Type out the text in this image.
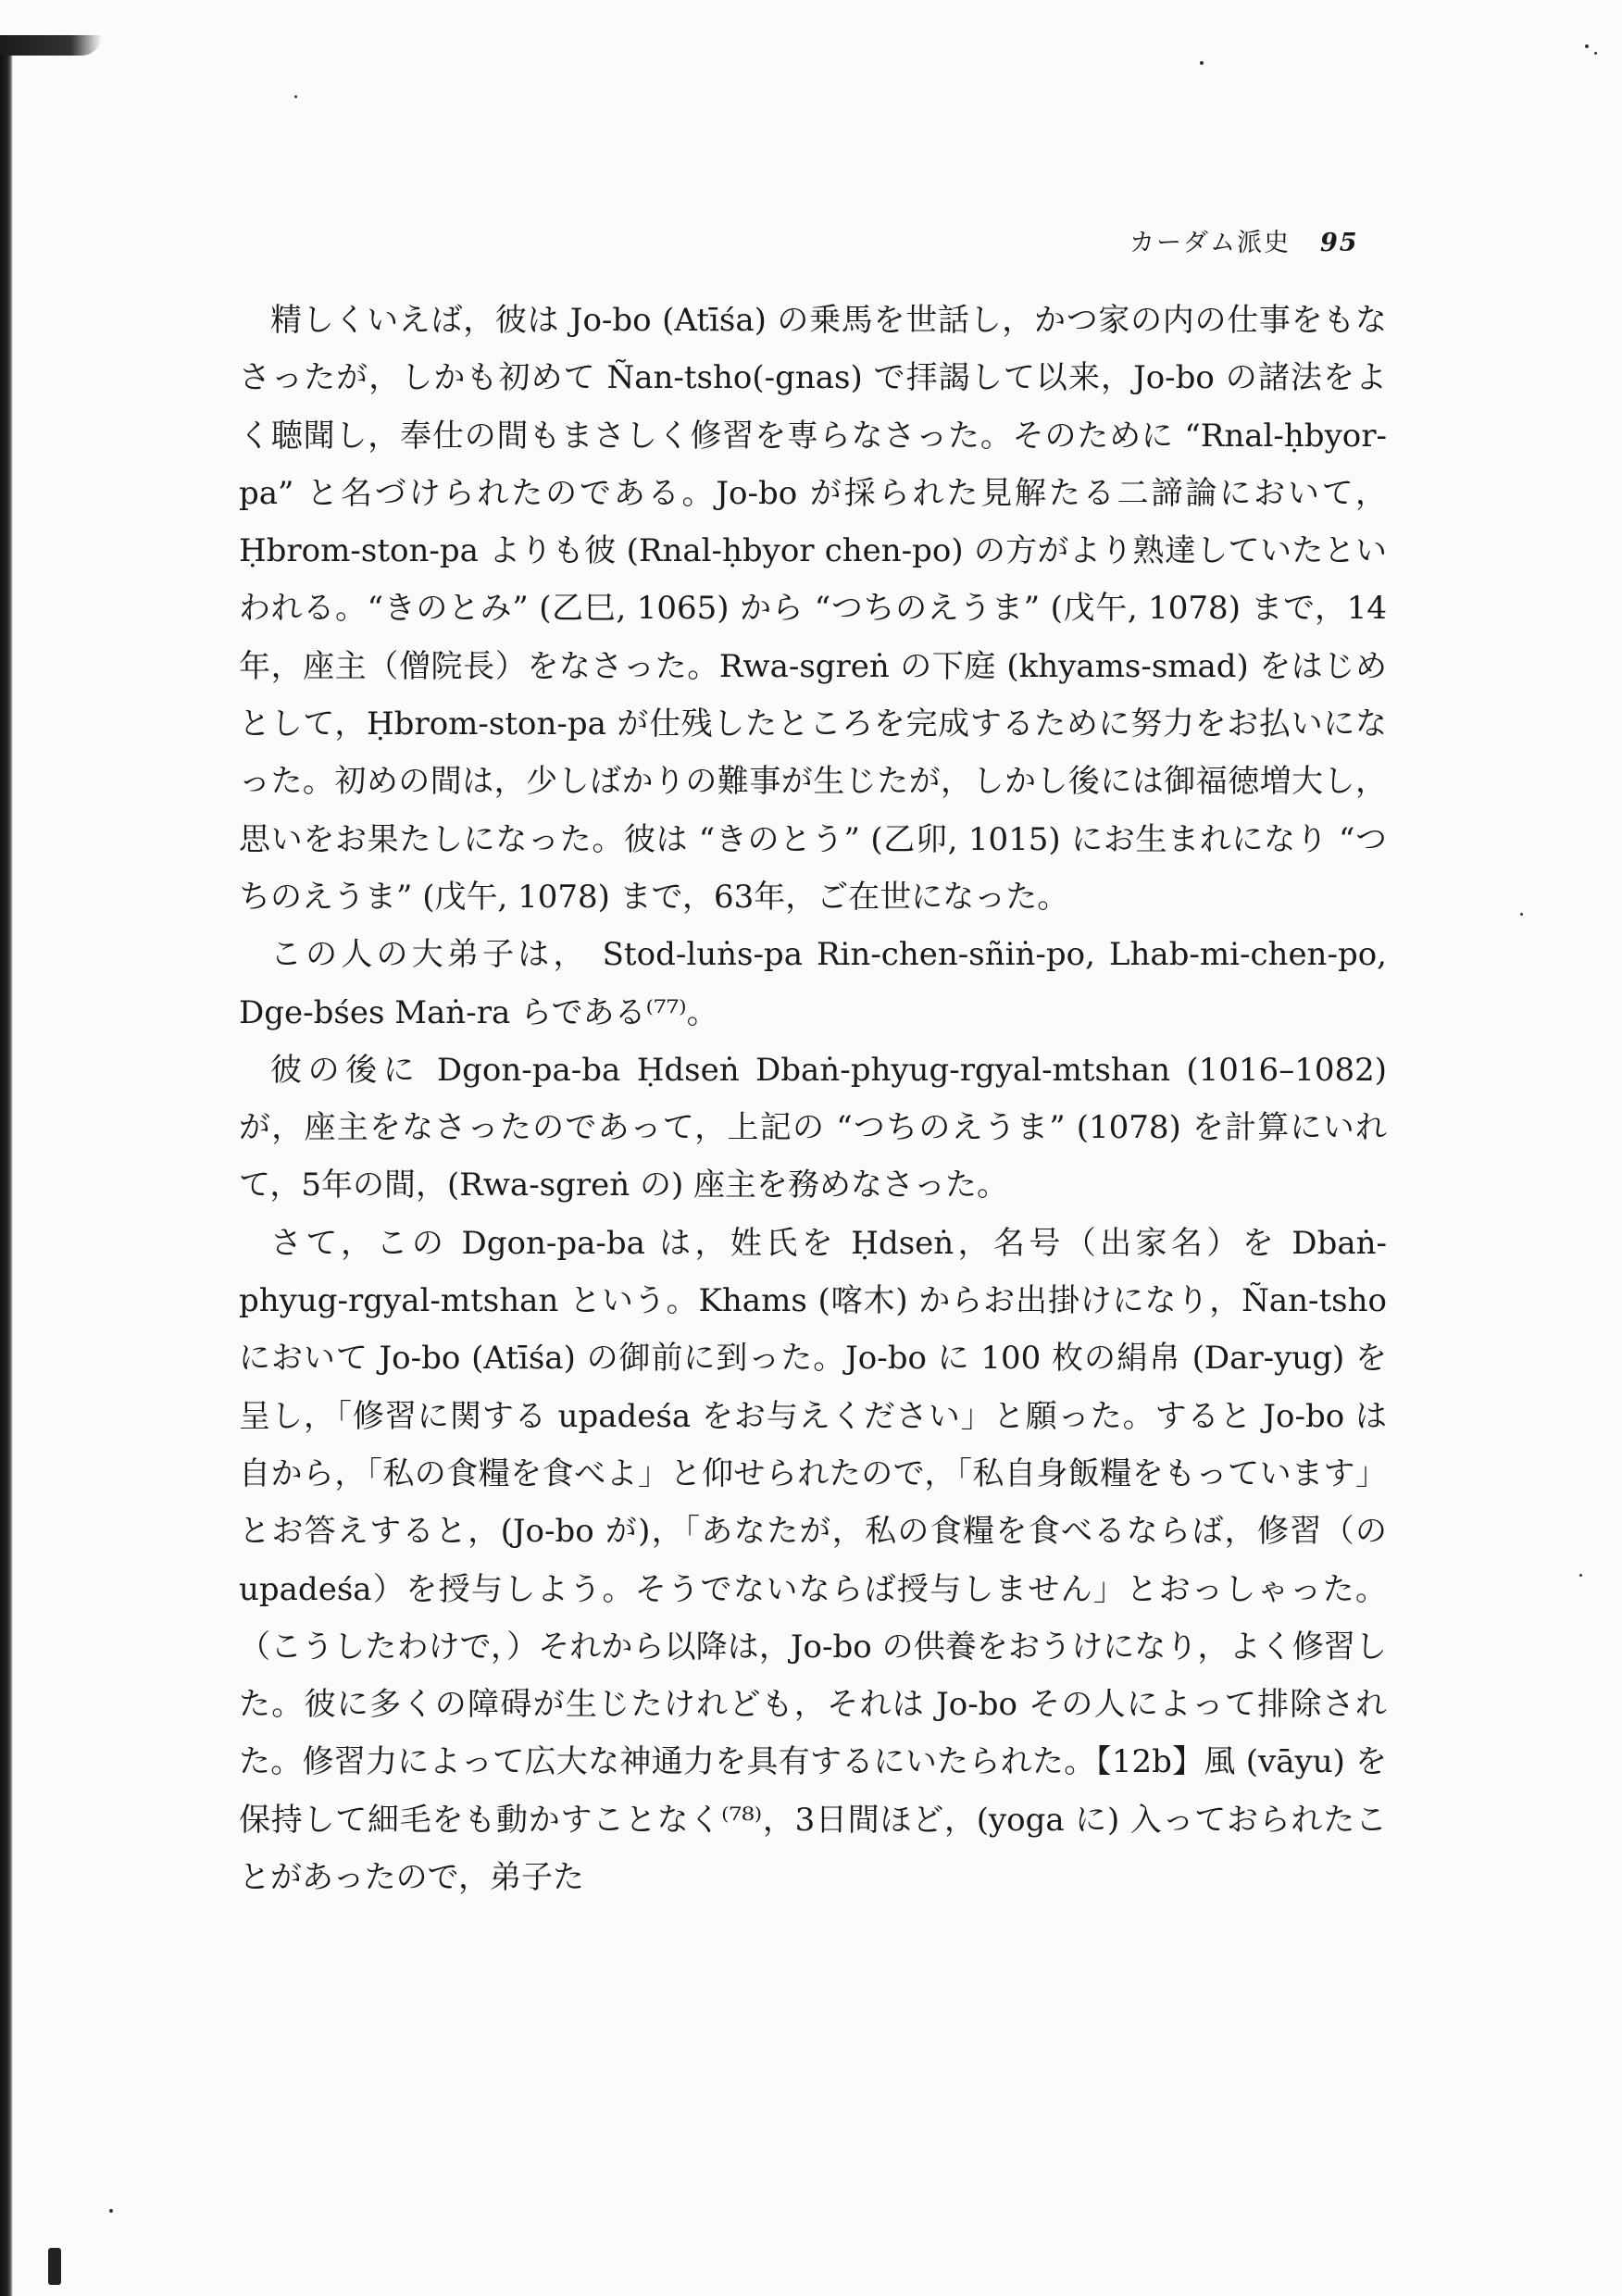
カーダム派史 95

精しくいえば，彼は Jo-bo (Atīśa) の乗馬を世話し，かつ家の内の仕事をもなさったが，しかも初めて Ñan-tsho(-gnas) で拝謁して以来，Jo-bo の諸法をよく聴聞し，奉仕の間もまさしく修習を専らなさった。そのために “Rnal-ḥbyor-pa” と名づけられたのである。Jo-bo が採られた見解たる二諦論において，Ḥbrom-ston-pa よりも彼 (Rnal-ḥbyor chen-po) の方がより熟達していたといわれる。“きのとみ” (乙巳, 1065) から “つちのえうま” (戊午, 1078) まで，14年，座主（僧院長）をなさった。Rwa-sgreṅ の下庭 (khyams-smad) をはじめとして，Ḥbrom-ston-pa が仕残したところを完成するために努力をお払いになった。初めの間は，少しばかりの難事が生じたが，しかし後には御福徳増大し，思いをお果たしになった。彼は “きのとう” (乙卯, 1015) にお生まれになり “つちのえうま” (戊午, 1078) まで，63年，ご在世になった。

この人の大弟子は， Stod-luṅs-pa Rin-chen-sñiṅ-po, Lhab-mi-chen-po, Dge-bśes Maṅ-ra らである⁽⁷⁷⁾。

彼の後に Dgon-pa-ba Ḥdseṅ Dbaṅ-phyug-rgyal-mtshan (1016–1082) が，座主をなさったのであって，上記の “つちのえうま” (1078) を計算にいれて，5年の間，(Rwa-sgreṅ の) 座主を務めなさった。

さて，この Dgon-pa-ba は，姓氏を Ḥdseṅ，名号（出家名）を Dbaṅ-phyug-rgyal-mtshan という。Khams (喀木) からお出掛けになり，Ñan-tsho において Jo-bo (Atīśa) の御前に到った。Jo-bo に 100 枚の絹帛 (Dar-yug) を呈し，「修習に関する upadeśa をお与えください」と願った。すると Jo-bo は自から，「私の食糧を食べよ」と仰せられたので，「私自身飯糧をもっています」とお答えすると，(Jo-bo が)，「あなたが，私の食糧を食べるならば，修習（の upadeśa）を授与しよう。そうでないならば授与しません」とおっしゃった。（こうしたわけで，）それから以降は，Jo-bo の供養をおうけになり，よく修習した。彼に多くの障碍が生じたけれども，それは Jo-bo その人によって排除された。修習力によって広大な神通力を具有するにいたられた。【12b】風 (vāyu) を保持して細毛をも動かすことなく⁽⁷⁸⁾，3日間ほど，(yoga に) 入っておられたことがあったので，弟子た
